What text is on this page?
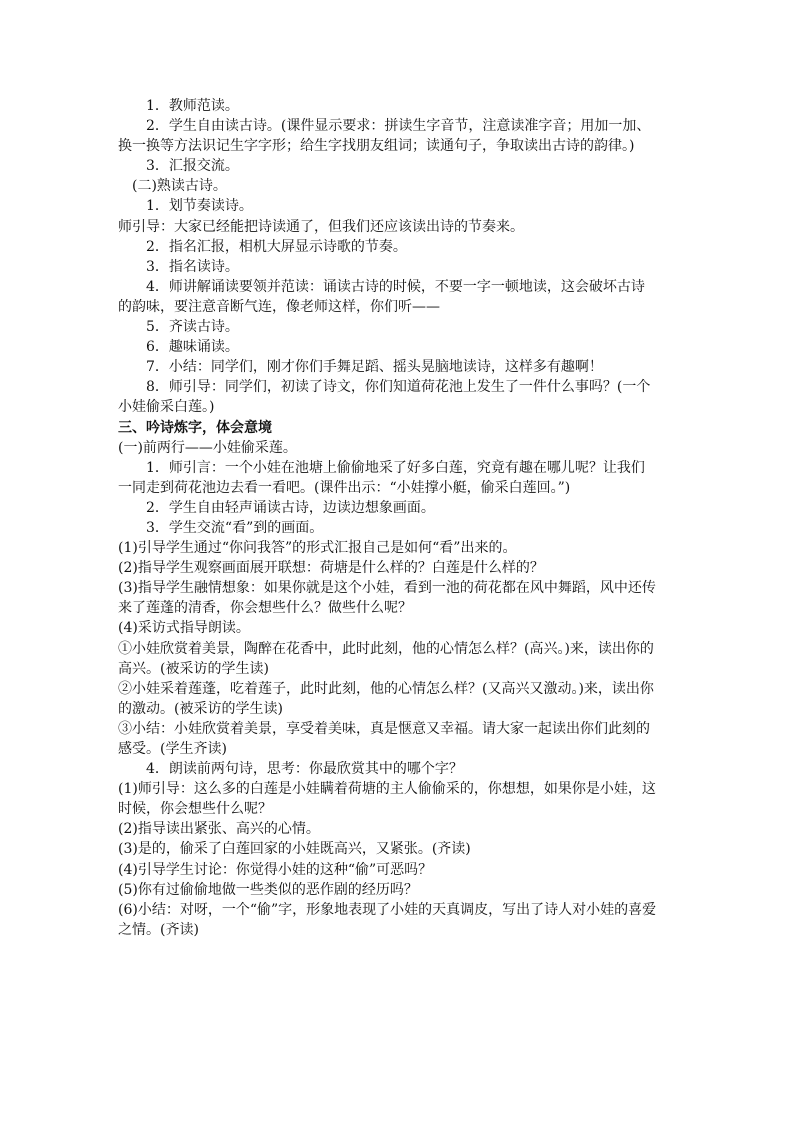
1．教师范读。

2．学生自由读古诗。(课件显示要求：拼读生字音节，注意读准字音；用加一加、换一换等方法识记生字字形；给生字找朋友组词；读通句子，争取读出古诗的韵律。)

3．汇报交流。

(二)熟读古诗。

1．划节奏读诗。

师引导：大家已经能把诗读通了，但我们还应该读出诗的节奏来。

2．指名汇报，相机大屏显示诗歌的节奏。

3．指名读诗。

4．师讲解诵读要领并范读：诵读古诗的时候，不要一字一顿地读，这会破坏古诗的韵味，要注意音断气连，像老师这样，你们听——

5．齐读古诗。

6．趣味诵读。

7．小结：同学们，刚才你们手舞足蹈、摇头晃脑地读诗，这样多有趣啊！

8．师引导：同学们，初读了诗文，你们知道荷花池上发生了一件什么事吗？(一个小娃偷采白莲。)

三、吟诗炼字，体会意境

(一)前两行——小娃偷采莲。

1．师引言：一个小娃在池塘上偷偷地采了好多白莲，究竟有趣在哪儿呢？让我们一同走到荷花池边去看一看吧。(课件出示：“小娃撑小艇，偷采白莲回。”)

2．学生自由轻声诵读古诗，边读边想象画面。

3．学生交流“看”到的画面。

(1)引导学生通过“你问我答”的形式汇报自己是如何“看”出来的。

(2)指导学生观察画面展开联想：荷塘是什么样的？白莲是什么样的？

(3)指导学生融情想象：如果你就是这个小娃，看到一池的荷花都在风中舞蹈，风中还传来了莲蓬的清香，你会想些什么？做些什么呢？

(4)采访式指导朗读。

①小娃欣赏着美景，陶醉在花香中，此时此刻，他的心情怎么样？(高兴。)来，读出你的高兴。(被采访的学生读)

②小娃采着莲蓬，吃着莲子，此时此刻，他的心情怎么样？(又高兴又激动。)来，读出你的激动。(被采访的学生读)

③小结：小娃欣赏着美景，享受着美味，真是惬意又幸福。请大家一起读出你们此刻的感受。(学生齐读)

4．朗读前两句诗，思考：你最欣赏其中的哪个字？

(1)师引导：这么多的白莲是小娃瞒着荷塘的主人偷偷采的，你想想，如果你是小娃，这时候，你会想些什么呢？

(2)指导读出紧张、高兴的心情。

(3)是的，偷采了白莲回家的小娃既高兴，又紧张。(齐读)

(4)引导学生讨论：你觉得小娃的这种“偷”可恶吗？

(5)你有过偷偷地做一些类似的恶作剧的经历吗？

(6)小结：对呀，一个“偷”字，形象地表现了小娃的天真调皮，写出了诗人对小娃的喜爱之情。(齐读)
